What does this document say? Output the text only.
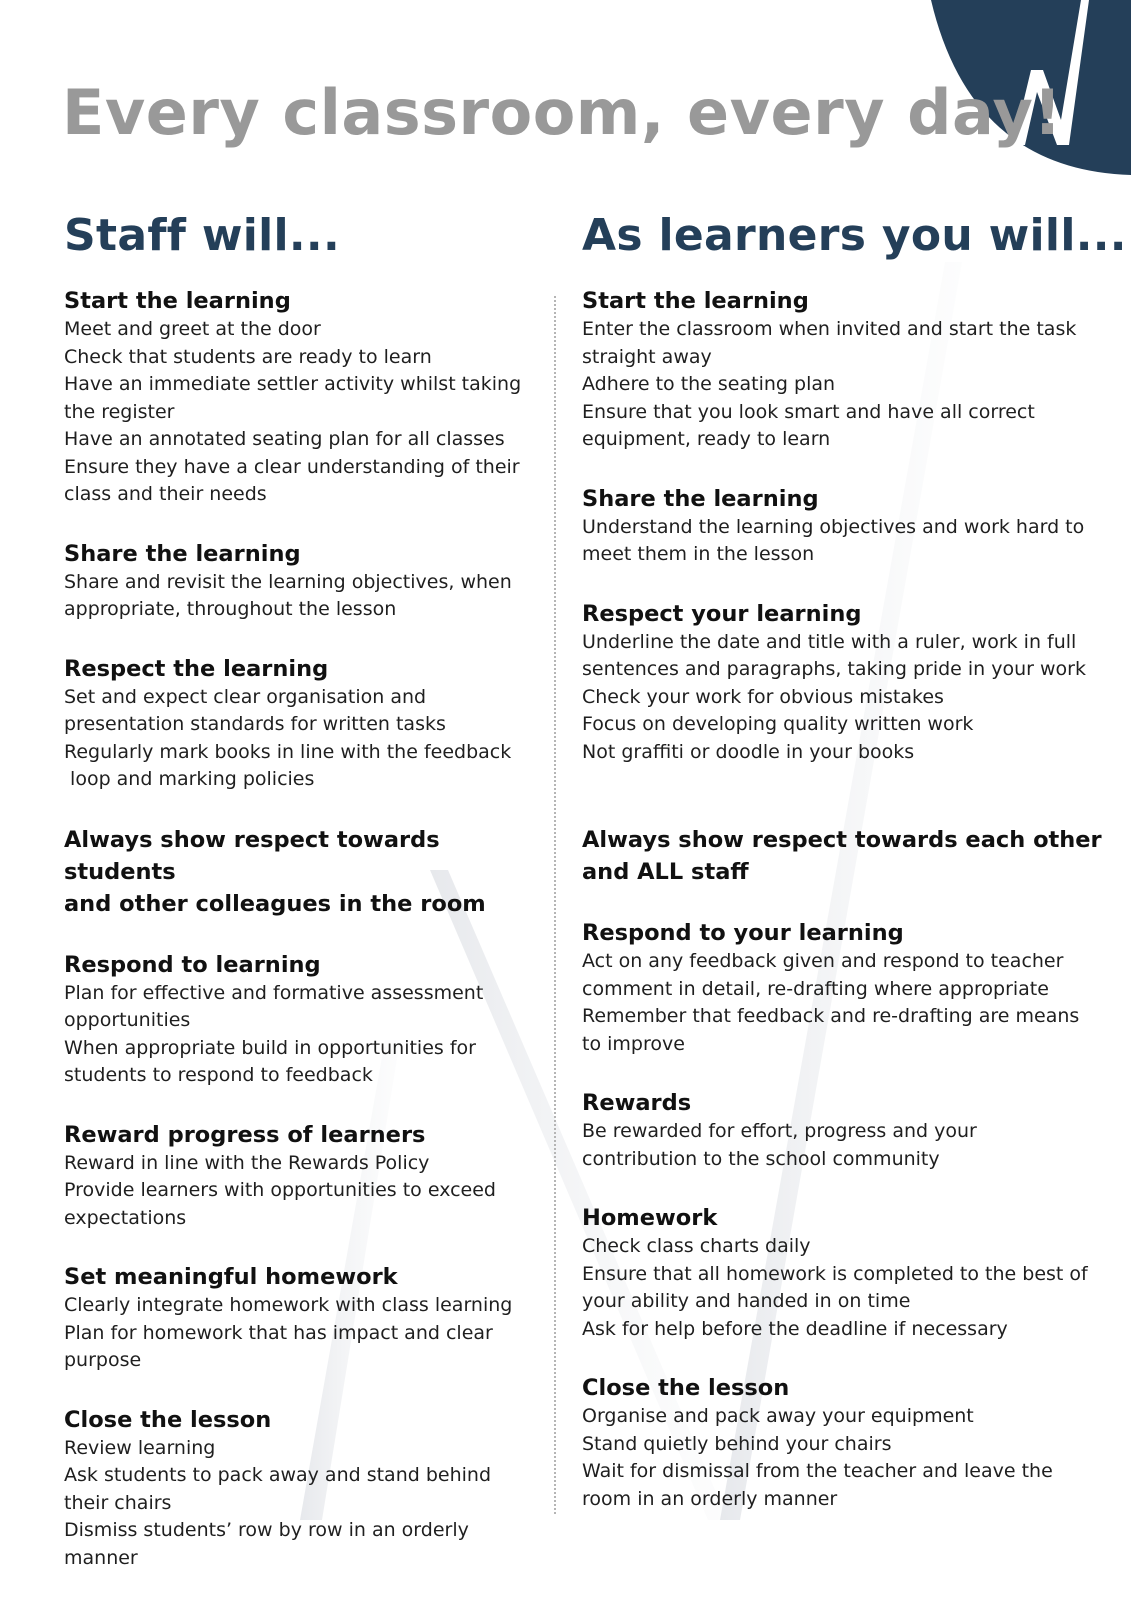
Every classroom, every day!
Staff will...
Start the learning

Meet and greet at the door

Check that students are ready to learn

Have an immediate settler activity whilst taking

the register

Have an annotated seating plan for all classes

Ensure they have a clear understanding of their

class and their needs

Share the learning

Share and revisit the learning objectives, when

appropriate, throughout the lesson

Respect the learning

Set and expect clear organisation and

presentation standards for written tasks

Regularly mark books in line with the feedback

loop and marking policies

Always show respect towards students
and other colleagues in the room
Respond to learning

Plan for effective and formative assessment

opportunities

When appropriate build in opportunities for

students to respond to feedback

Reward progress of learners

Reward in line with the Rewards Policy

Provide learners with opportunities to exceed

expectations

Set meaningful homework

Clearly integrate homework with class learning

Plan for homework that has impact and clear

purpose

Close the lesson

Review learning

Ask students to pack away and stand behind

their chairs

Dismiss students’ row by row in an orderly manner

As learners you will...
Start the learning

Enter the classroom when invited and start the task

straight away

Adhere to the seating plan

Ensure that you look smart and have all correct

equipment, ready to learn

Share the learning

Understand the learning objectives and work hard to

meet them in the lesson

Respect your learning

Underline the date and title with a ruler, work in full

sentences and paragraphs, taking pride in your work

Check your work for obvious mistakes

Focus on developing quality written work

Not graffiti or doodle in your books

Always show respect towards each other
and ALL staff
Respond to your learning

Act on any feedback given and respond to teacher

comment in detail, re-drafting where appropriate

Remember that feedback and re-drafting are means

to improve

Rewards

Be rewarded for effort, progress and your

contribution to the school community

Homework

Check class charts daily

Ensure that all homework is completed to the best of

your ability and handed in on time

Ask for help before the deadline if necessary

Close the lesson

Organise and pack away your equipment

Stand quietly behind your chairs

Wait for dismissal from the teacher and leave the

room in an orderly manner
